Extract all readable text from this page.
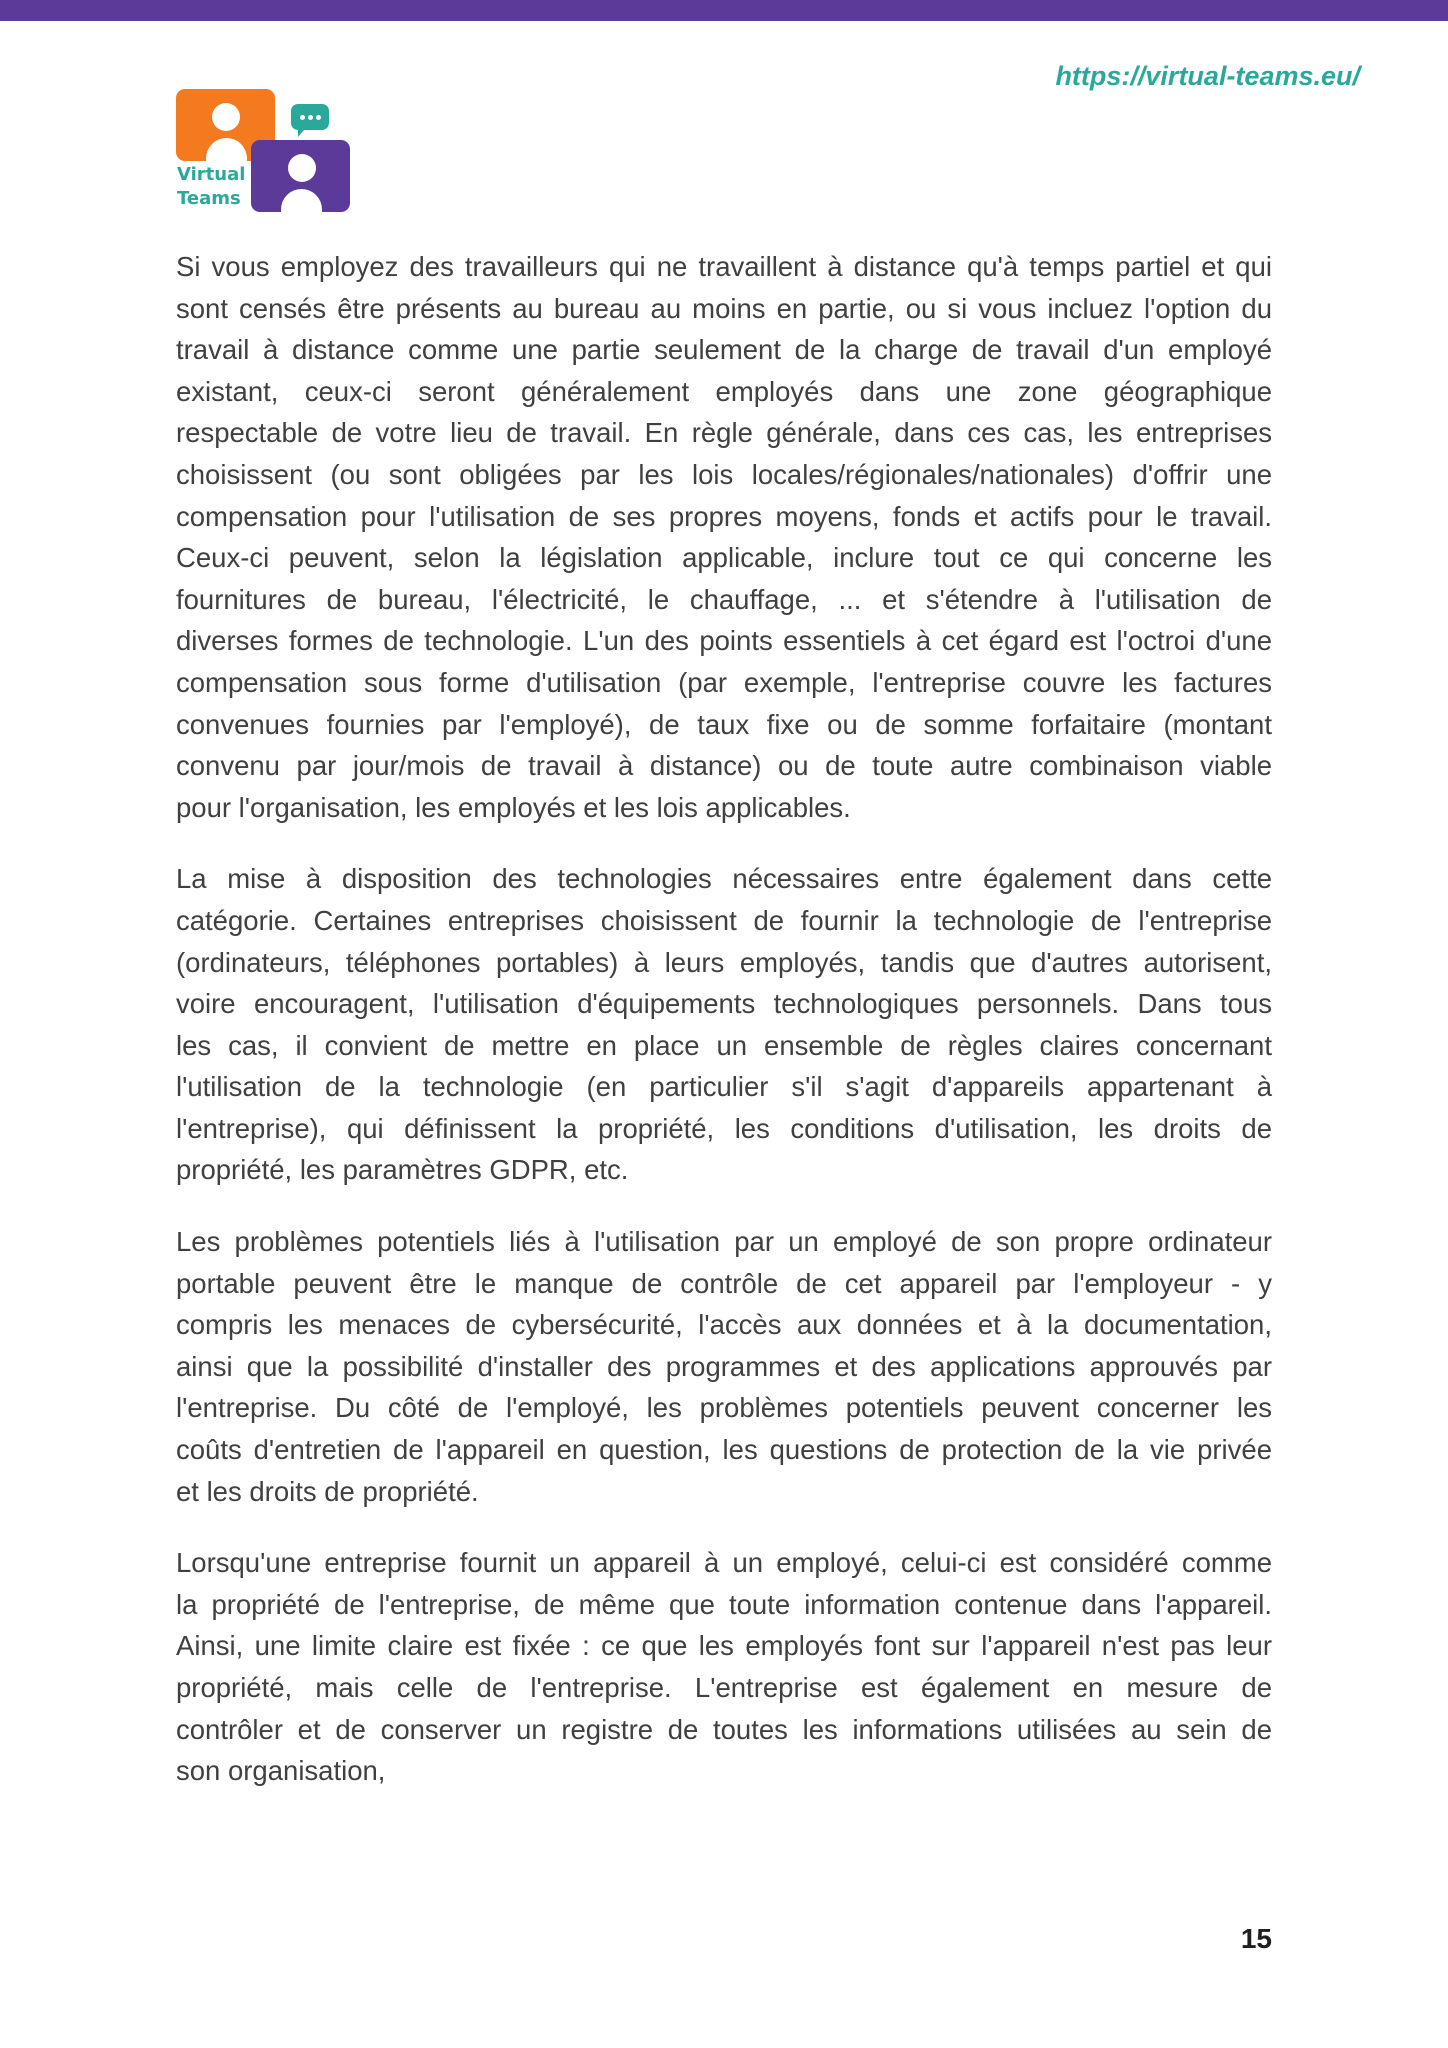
https://virtual-teams.eu/
Virtual
Teams
Si vous employez des travailleurs qui ne travaillent à distance qu'à temps partiel et qui
sont censés être présents au bureau au moins en partie, ou si vous incluez l'option du
travail à distance comme une partie seulement de la charge de travail d'un employé
existant, ceux-ci seront généralement employés dans une zone géographique
respectable de votre lieu de travail. En règle générale, dans ces cas, les entreprises
choisissent (ou sont obligées par les lois locales/régionales/nationales) d'offrir une
compensation pour l'utilisation de ses propres moyens, fonds et actifs pour le travail.
Ceux-ci peuvent, selon la législation applicable, inclure tout ce qui concerne les
fournitures de bureau, l'électricité, le chauffage, ... et s'étendre à l'utilisation de
diverses formes de technologie. L'un des points essentiels à cet égard est l'octroi d'une
compensation sous forme d'utilisation (par exemple, l'entreprise couvre les factures
convenues fournies par l'employé), de taux fixe ou de somme forfaitaire (montant
convenu par jour/mois de travail à distance) ou de toute autre combinaison viable
pour l'organisation, les employés et les lois applicables.
La mise à disposition des technologies nécessaires entre également dans cette
catégorie. Certaines entreprises choisissent de fournir la technologie de l'entreprise
(ordinateurs, téléphones portables) à leurs employés, tandis que d'autres autorisent,
voire encouragent, l'utilisation d'équipements technologiques personnels. Dans tous
les cas, il convient de mettre en place un ensemble de règles claires concernant
l'utilisation de la technologie (en particulier s'il s'agit d'appareils appartenant à
l'entreprise), qui définissent la propriété, les conditions d'utilisation, les droits de
propriété, les paramètres GDPR, etc.
Les problèmes potentiels liés à l'utilisation par un employé de son propre ordinateur
portable peuvent être le manque de contrôle de cet appareil par l'employeur - y
compris les menaces de cybersécurité, l'accès aux données et à la documentation,
ainsi que la possibilité d'installer des programmes et des applications approuvés par
l'entreprise. Du côté de l'employé, les problèmes potentiels peuvent concerner les
coûts d'entretien de l'appareil en question, les questions de protection de la vie privée
et les droits de propriété.
Lorsqu'une entreprise fournit un appareil à un employé, celui-ci est considéré comme
la propriété de l'entreprise, de même que toute information contenue dans l'appareil.
Ainsi, une limite claire est fixée : ce que les employés font sur l'appareil n'est pas leur
propriété, mais celle de l'entreprise. L'entreprise est également en mesure de
contrôler et de conserver un registre de toutes les informations utilisées au sein de
son organisation,
15
